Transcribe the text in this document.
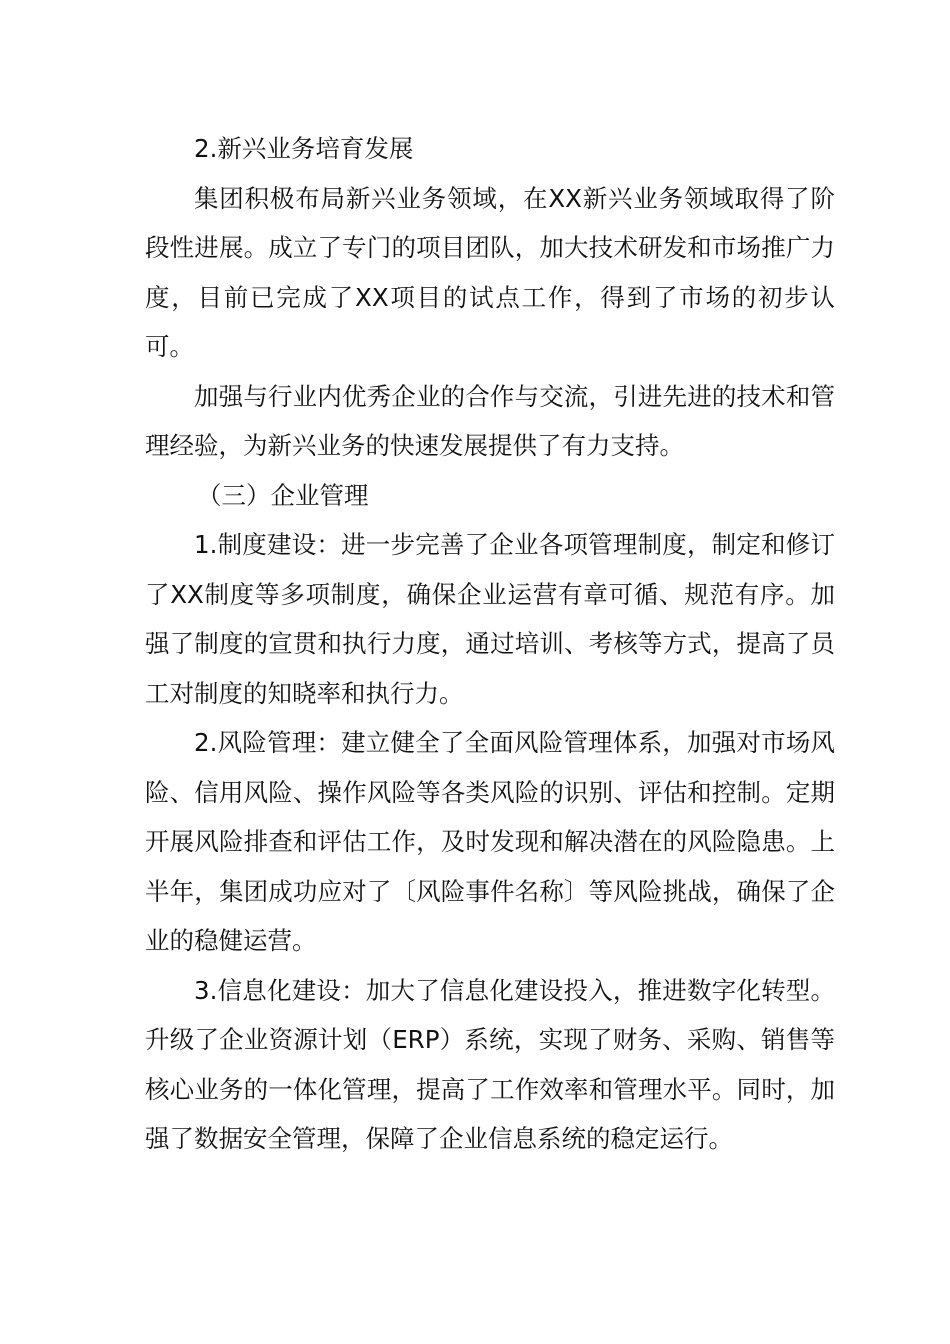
2.新兴业务培育发展

集团积极布局新兴业务领域，在XX新兴业务领域取得了阶段性进展。成立了专门的项目团队，加大技术研发和市场推广力度，目前已完成了XX项目的试点工作，得到了市场的初步认可。

加强与行业内优秀企业的合作与交流，引进先进的技术和管理经验，为新兴业务的快速发展提供了有力支持。

（三）企业管理

1.制度建设：进一步完善了企业各项管理制度，制定和修订了XX制度等多项制度，确保企业运营有章可循、规范有序。加强了制度的宣贯和执行力度，通过培训、考核等方式，提高了员工对制度的知晓率和执行力。

2.风险管理：建立健全了全面风险管理体系，加强对市场风险、信用风险、操作风险等各类风险的识别、评估和控制。定期开展风险排查和评估工作，及时发现和解决潜在的风险隐患。上半年，集团成功应对了〔风险事件名称〕等风险挑战，确保了企业的稳健运营。

3.信息化建设：加大了信息化建设投入，推进数字化转型。升级了企业资源计划（ERP）系统，实现了财务、采购、销售等核心业务的一体化管理，提高了工作效率和管理水平。同时，加强了数据安全管理，保障了企业信息系统的稳定运行。
